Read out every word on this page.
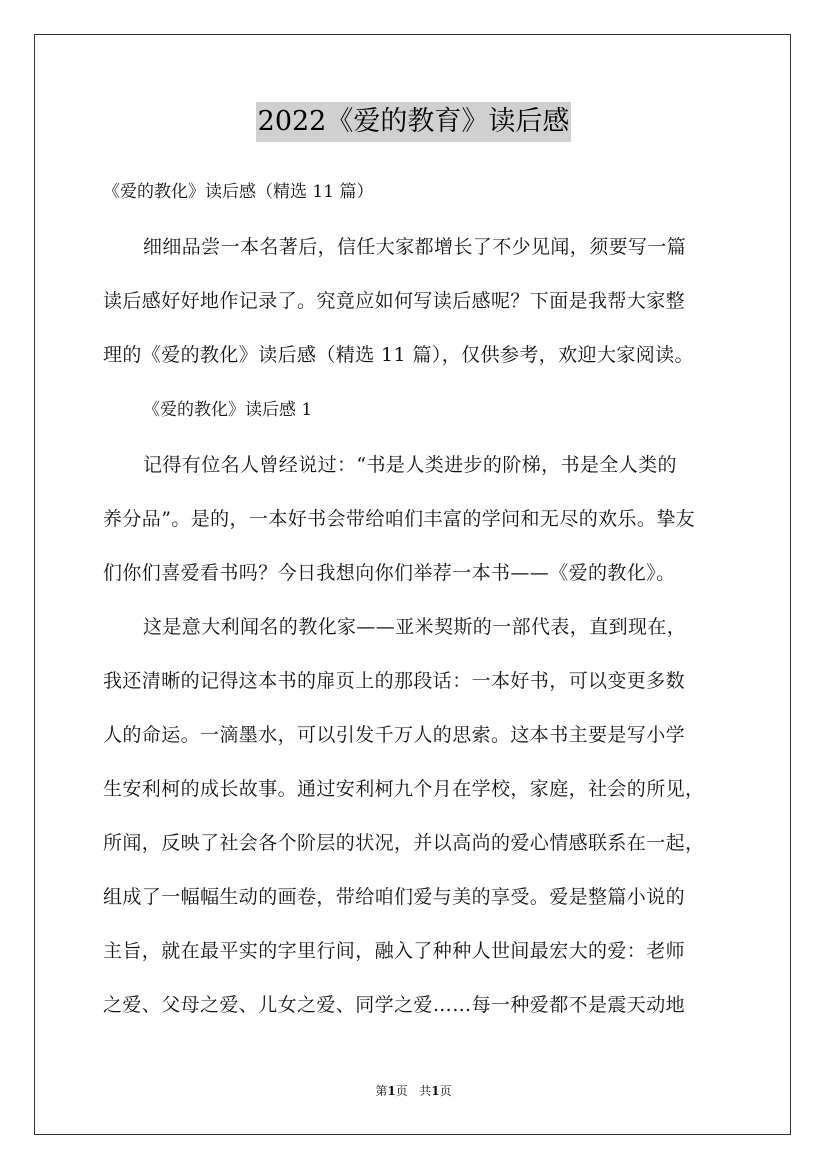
2022《爱的教育》读后感
《爱的教化》读后感（精选 11 篇）
细细品尝一本名著后，信任大家都增长了不少见闻，须要写一篇
读后感好好地作记录了。究竟应如何写读后感呢？下面是我帮大家整
理的《爱的教化》读后感（精选 11 篇），仅供参考，欢迎大家阅读。
《爱的教化》读后感 1
记得有位名人曾经说过：“书是人类进步的阶梯，书是全人类的
养分品”。是的，一本好书会带给咱们丰富的学问和无尽的欢乐。挚友
们你们喜爱看书吗？今日我想向你们举荐一本书——《爱的教化》。
这是意大利闻名的教化家——亚米契斯的一部代表，直到现在，
我还清晰的记得这本书的扉页上的那段话：一本好书，可以变更多数
人的命运。一滴墨水，可以引发千万人的思索。这本书主要是写小学
生安利柯的成长故事。通过安利柯九个月在学校，家庭，社会的所见，
所闻，反映了社会各个阶层的状况，并以高尚的爱心情感联系在一起，
组成了一幅幅生动的画卷，带给咱们爱与美的享受。爱是整篇小说的
主旨，就在最平实的字里行间，融入了种种人世间最宏大的爱：老师
之爱、父母之爱、儿女之爱、同学之爱……每一种爱都不是震天动地
第1页 共1页
